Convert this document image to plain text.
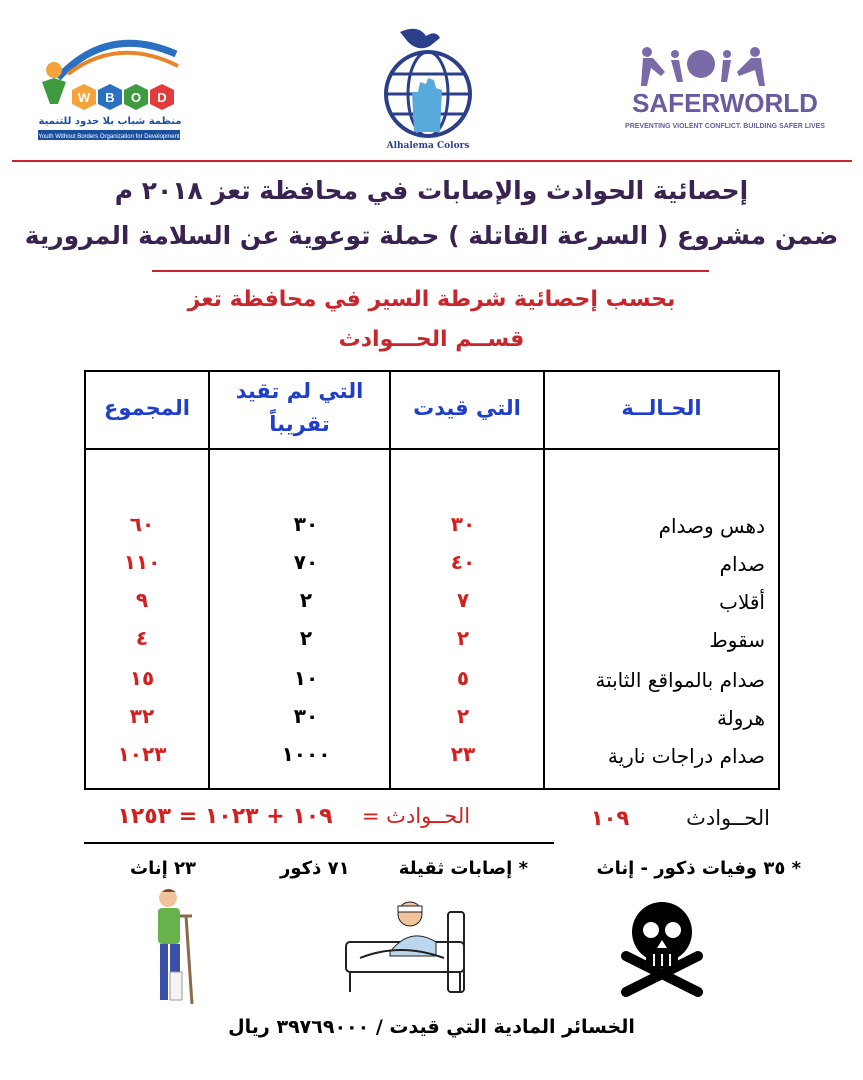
W B O D
منظمة شباب بلا حدود للتنمية
Youth Without Borders Organization for Development
Alhalema Colors
SAFERWORLD
PREVENTING VIOLENT CONFLICT. BUILDING SAFER LIVES
إحصائية الحوادث والإصابات في محافظة تعز ٢٠١٨ م
ضمن مشروع ( السرعة القاتلة ) حملة توعوية عن السلامة المرورية
بحسب إحصائية شرطة السير في محافظة تعز
قســم الحـــوادث
الحـالــة
التي قيدت
التي لم تقيد
تقريباً
المجموع
دهس وصدام
٣٠
٣٠
٦٠
صدام
٤٠
٧٠
١١٠
أقلاب
٧
٢
٩
سقوط
٢
٢
٤
صدام بالمواقع الثابتة
٥
١٠
١٥
هرولة
٢
٣٠
٣٢
صدام دراجات نارية
٢٣
١٠٠٠
١٠٢٣
الحــوادث
١٠٩
الحــوادث =
١٠٩ + ١٠٢٣ = ١٢٥٣
* ٣٥ وفيات ذكور - إناث
* إصابات ثقيلة
٧١ ذكور
٢٣ إناث
الخسائر المادية التي قيدت / ٣٩٧٦٩٠٠٠ ريال
